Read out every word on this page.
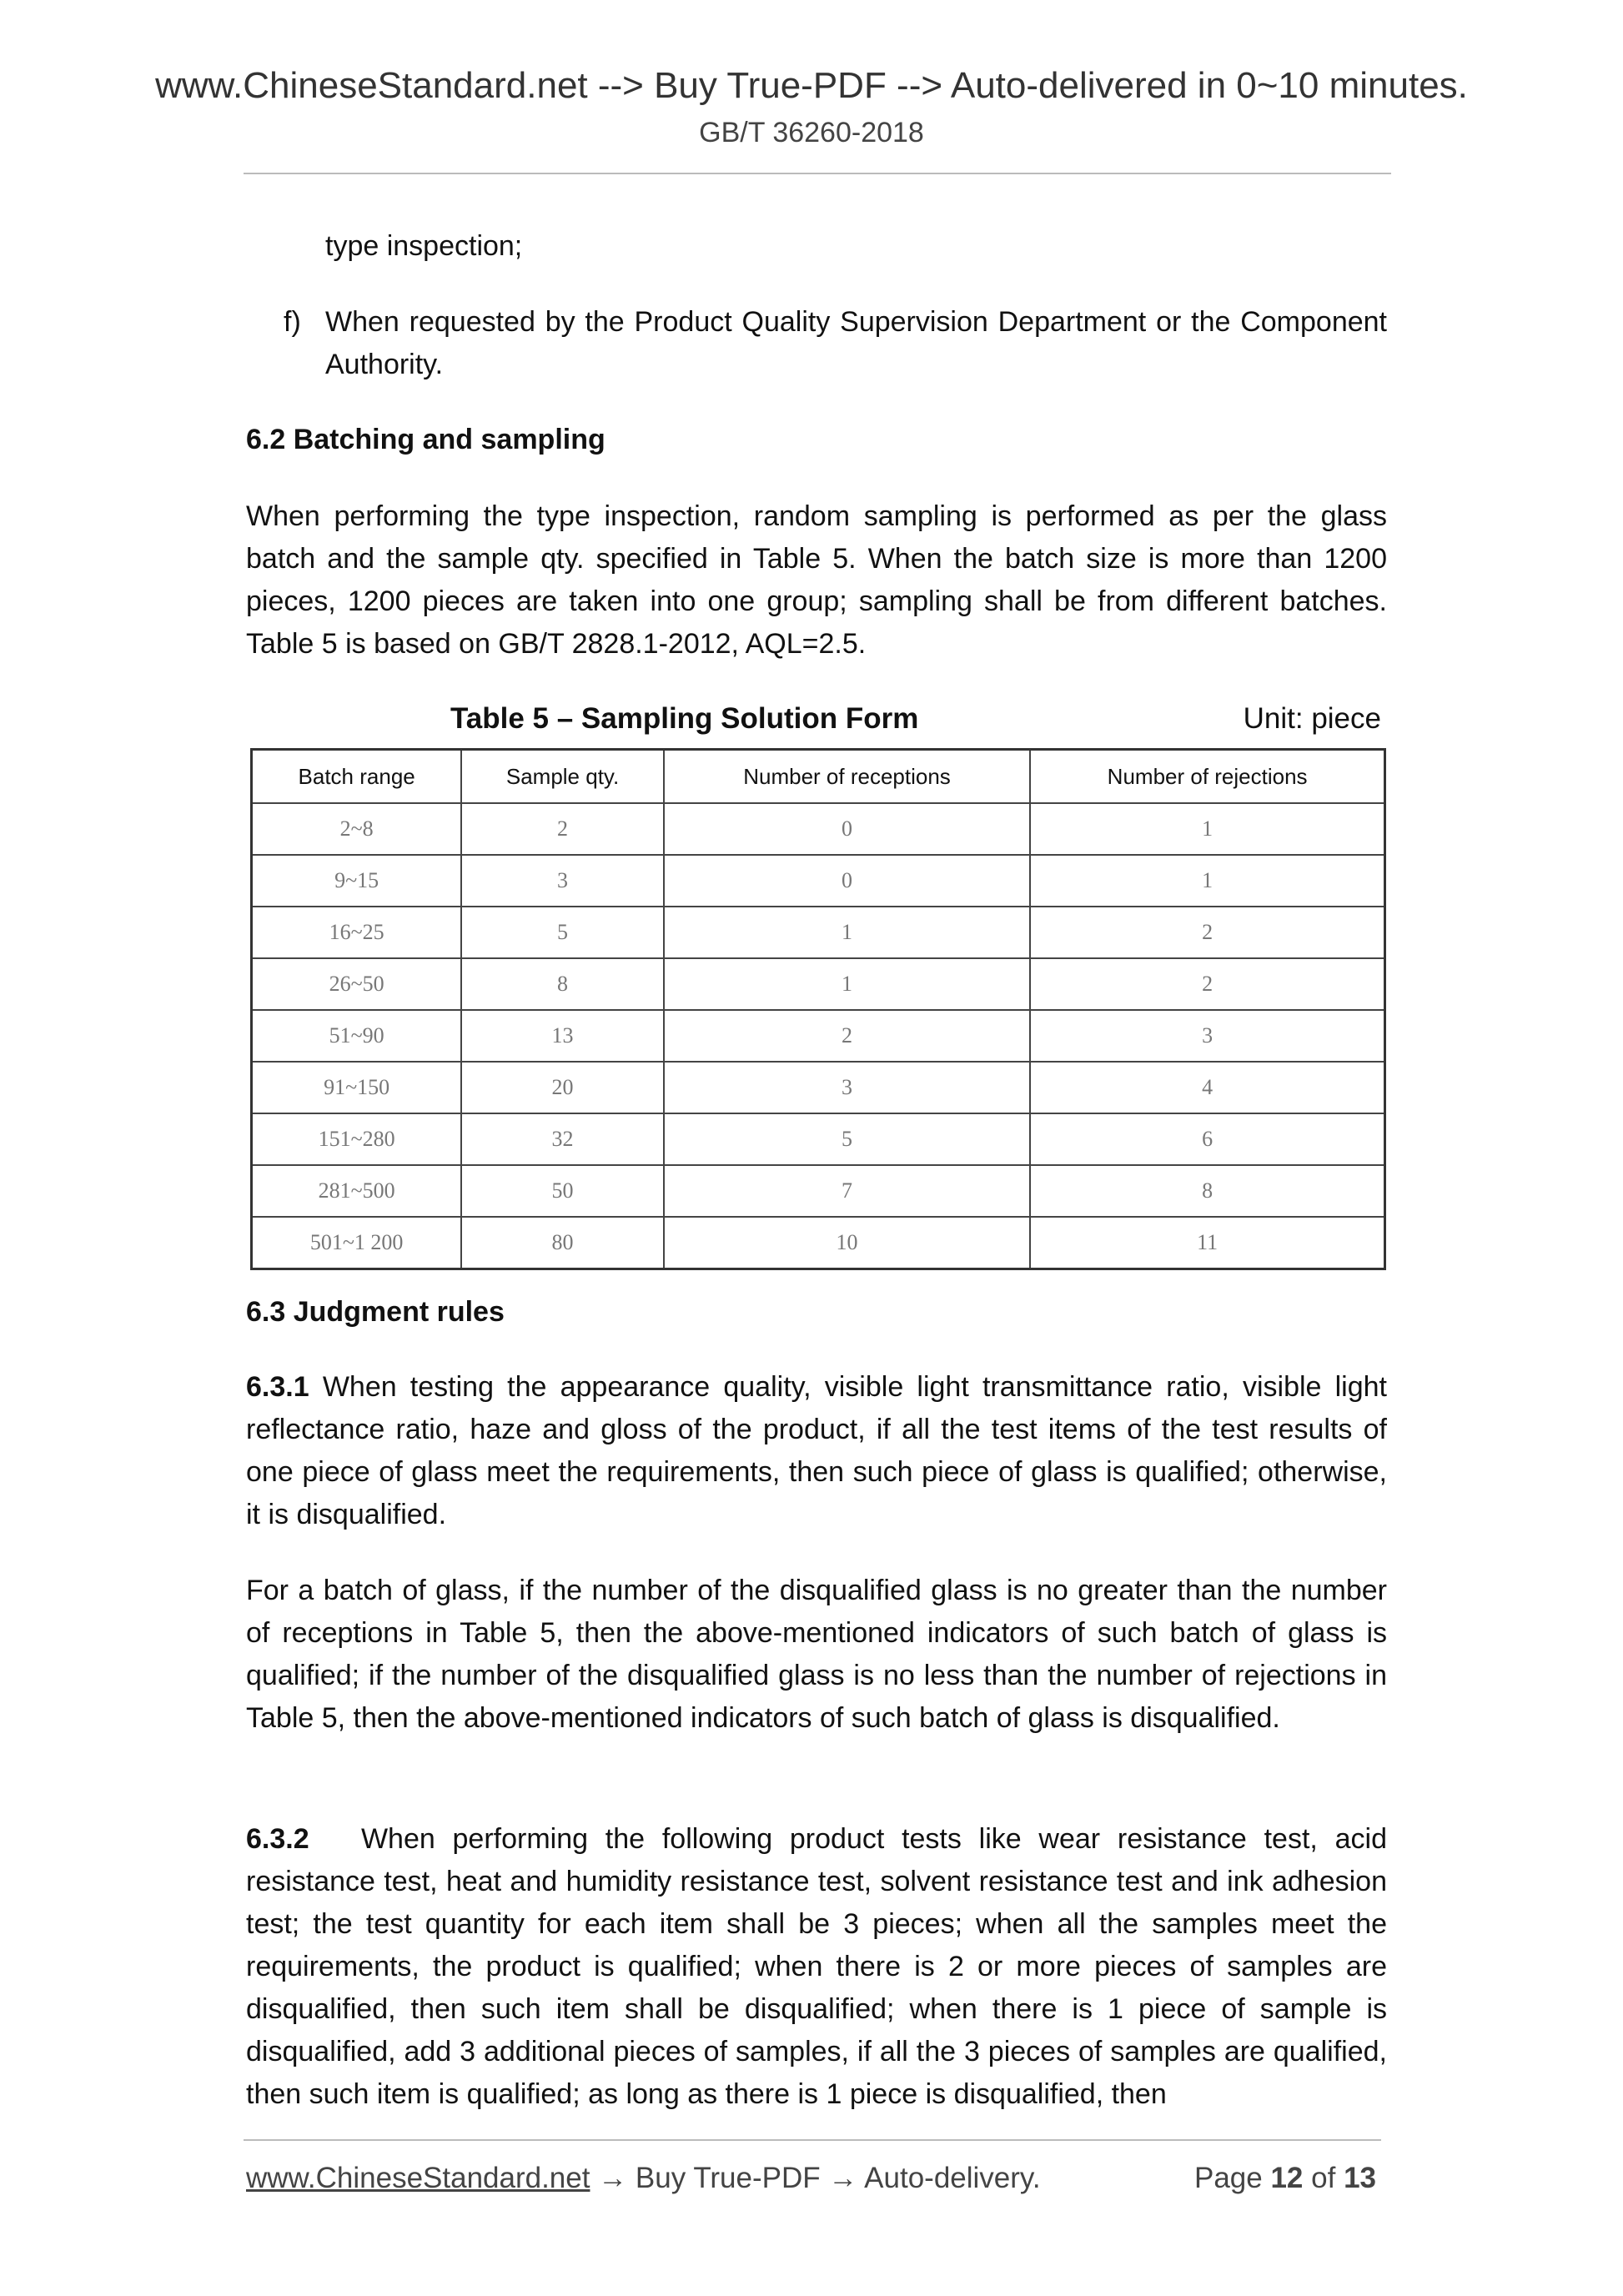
www.ChineseStandard.net --> Buy True-PDF --> Auto-delivered in 0~10 minutes.
GB/T 36260-2018
type inspection;
f) When requested by the Product Quality Supervision Department or the Component Authority.
6.2 Batching and sampling
When performing the type inspection, random sampling is performed as per the glass batch and the sample qty. specified in Table 5. When the batch size is more than 1200 pieces, 1200 pieces are taken into one group; sampling shall be from different batches. Table 5 is based on GB/T 2828.1-2012, AQL=2.5.
Table 5 – Sampling Solution Form	Unit: piece
Batch range	Sample qty.	Number of receptions	Number of rejections
2~8	2	0	1
9~15	3	0	1
16~25	5	1	2
26~50	8	1	2
51~90	13	2	3
91~150	20	3	4
151~280	32	5	6
281~500	50	7	8
501~1 200	80	10	11
6.3 Judgment rules
6.3.1 When testing the appearance quality, visible light transmittance ratio, visible light reflectance ratio, haze and gloss of the product, if all the test items of the test results of one piece of glass meet the requirements, then such piece of glass is qualified; otherwise, it is disqualified.
For a batch of glass, if the number of the disqualified glass is no greater than the number of receptions in Table 5, then the above-mentioned indicators of such batch of glass is qualified; if the number of the disqualified glass is no less than the number of rejections in Table 5, then the above-mentioned indicators of such batch of glass is disqualified.
6.3.2 When performing the following product tests like wear resistance test, acid resistance test, heat and humidity resistance test, solvent resistance test and ink adhesion test; the test quantity for each item shall be 3 pieces; when all the samples meet the requirements, the product is qualified; when there is 2 or more pieces of samples are disqualified, then such item shall be disqualified; when there is 1 piece of sample is disqualified, add 3 additional pieces of samples, if all the 3 pieces of samples are qualified, then such item is qualified; as long as there is 1 piece is disqualified, then
www.ChineseStandard.net → Buy True-PDF → Auto-delivery.	Page 12 of 13
